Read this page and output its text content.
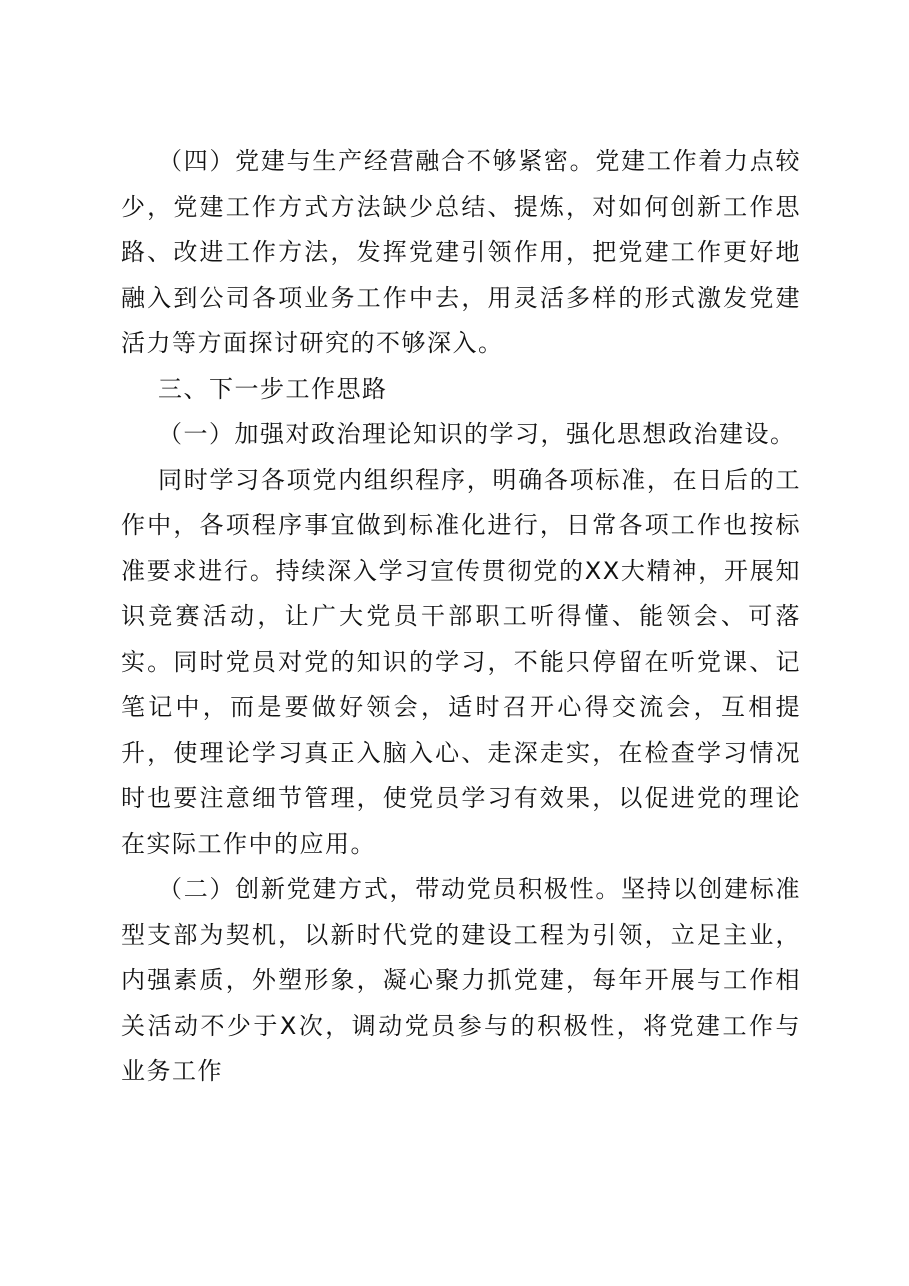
（四）党建与生产经营融合不够紧密。党建工作着力点较少，党建工作方式方法缺少总结、提炼，对如何创新工作思路、改进工作方法，发挥党建引领作用，把党建工作更好地融入到公司各项业务工作中去，用灵活多样的形式激发党建活力等方面探讨研究的不够深入。

三、下一步工作思路

（一）加强对政治理论知识的学习，强化思想政治建设。

同时学习各项党内组织程序，明确各项标准，在日后的工作中，各项程序事宜做到标准化进行，日常各项工作也按标准要求进行。持续深入学习宣传贯彻党的XX大精神，开展知识竞赛活动，让广大党员干部职工听得懂、能领会、可落实。同时党员对党的知识的学习，不能只停留在听党课、记笔记中，而是要做好领会，适时召开心得交流会，互相提升，使理论学习真正入脑入心、走深走实，在检查学习情况时也要注意细节管理，使党员学习有效果，以促进党的理论在实际工作中的应用。

（二）创新党建方式，带动党员积极性。坚持以创建标准型支部为契机，以新时代党的建设工程为引领，立足主业，内强素质，外塑形象，凝心聚力抓党建，每年开展与工作相关活动不少于X次，调动党员参与的积极性，将党建工作与业务工作
